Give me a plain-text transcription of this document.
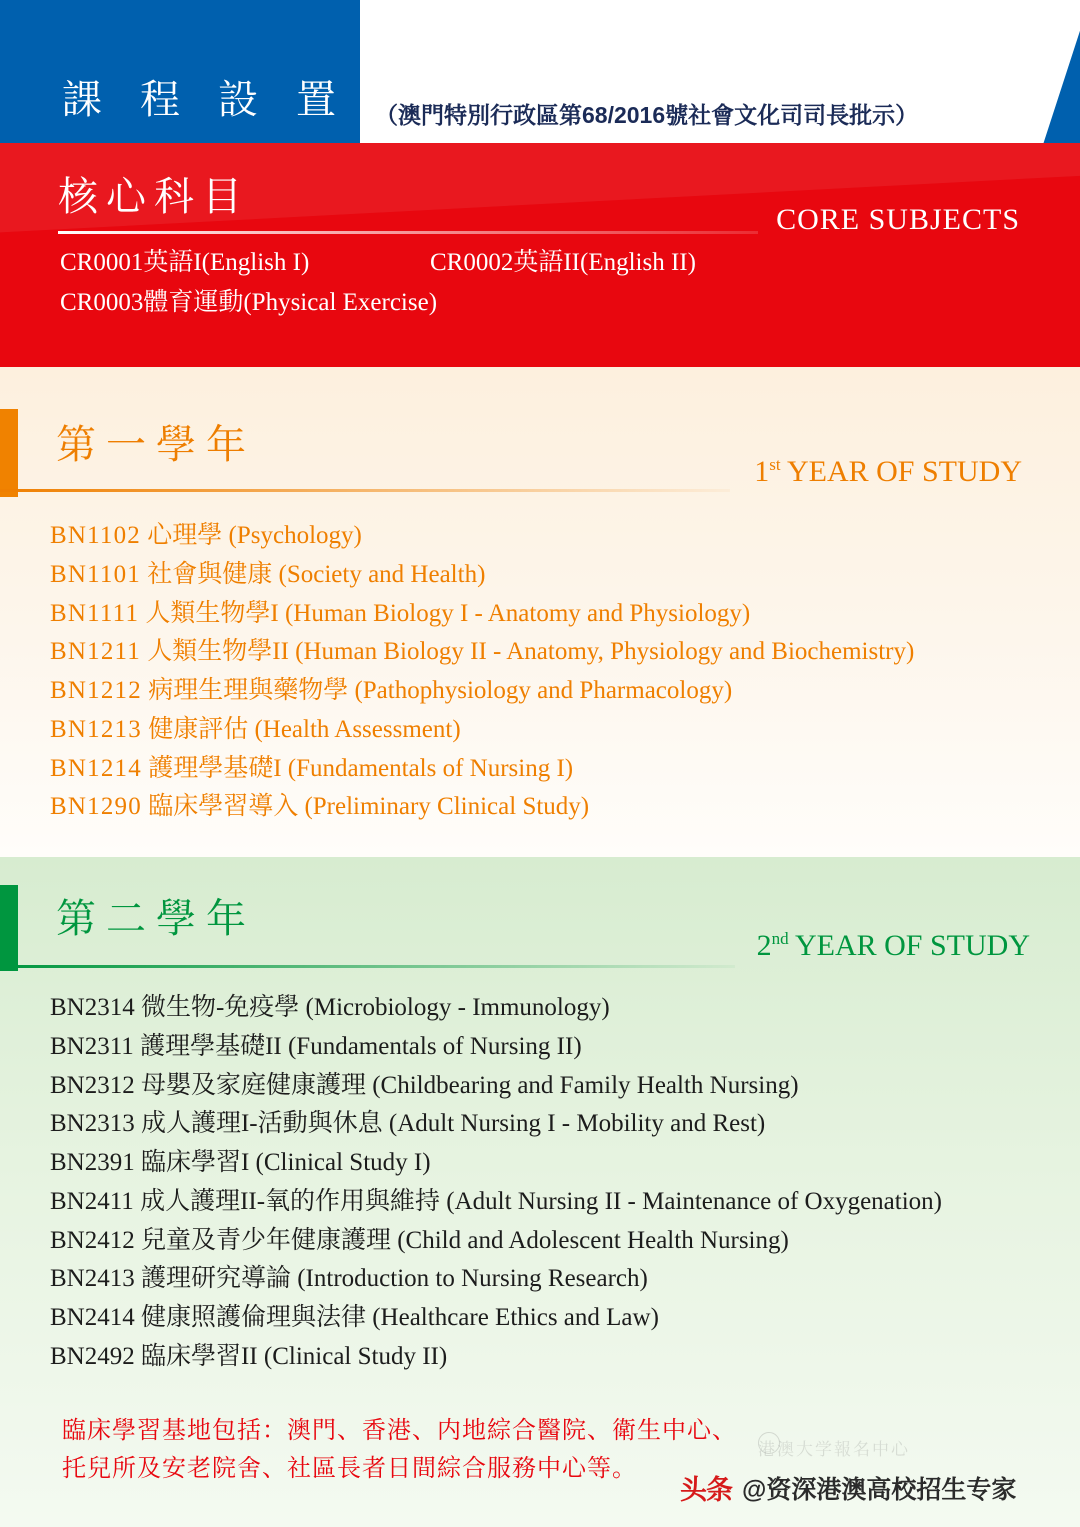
課 程 設 置 （澳門特別行政區第68/2016號社會文化司司長批示）
核心科目
CORE SUBJECTS
CR0001英語I(English I)	CR0002英語II(English II)
CR0003體育運動(Physical Exercise)
第一學年
1st YEAR OF STUDY
BN1102 心理學 (Psychology)
BN1101 社會與健康 (Society and Health)
BN1111 人類生物學I (Human Biology I - Anatomy and Physiology)
BN1211 人類生物學II (Human Biology II - Anatomy, Physiology and Biochemistry)
BN1212 病理生理與藥物學 (Pathophysiology and Pharmacology)
BN1213 健康評估 (Health Assessment)
BN1214 護理學基礎I (Fundamentals of Nursing I)
BN1290 臨床學習導入 (Preliminary Clinical Study)
第二學年
2nd YEAR OF STUDY
BN2314 微生物-免疫學 (Microbiology - Immunology)
BN2311 護理學基礎II (Fundamentals of Nursing II)
BN2312 母嬰及家庭健康護理 (Childbearing and Family Health Nursing)
BN2313 成人護理I-活動與休息 (Adult Nursing I - Mobility and Rest)
BN2391 臨床學習I (Clinical Study I)
BN2411 成人護理II-氧的作用與維持 (Adult Nursing II - Maintenance of Oxygenation)
BN2412 兒童及青少年健康護理 (Child and Adolescent Health Nursing)
BN2413 護理研究導論 (Introduction to Nursing Research)
BN2414 健康照護倫理與法律 (Healthcare Ethics and Law)
BN2492 臨床學習II (Clinical Study II)
臨床學習基地包括：澳門、香港、内地綜合醫院、衛生中心、
托兒所及安老院舍、社區長者日間綜合服務中心等。
港澳大学報名中心
头条 @资深港澳高校招生专家
